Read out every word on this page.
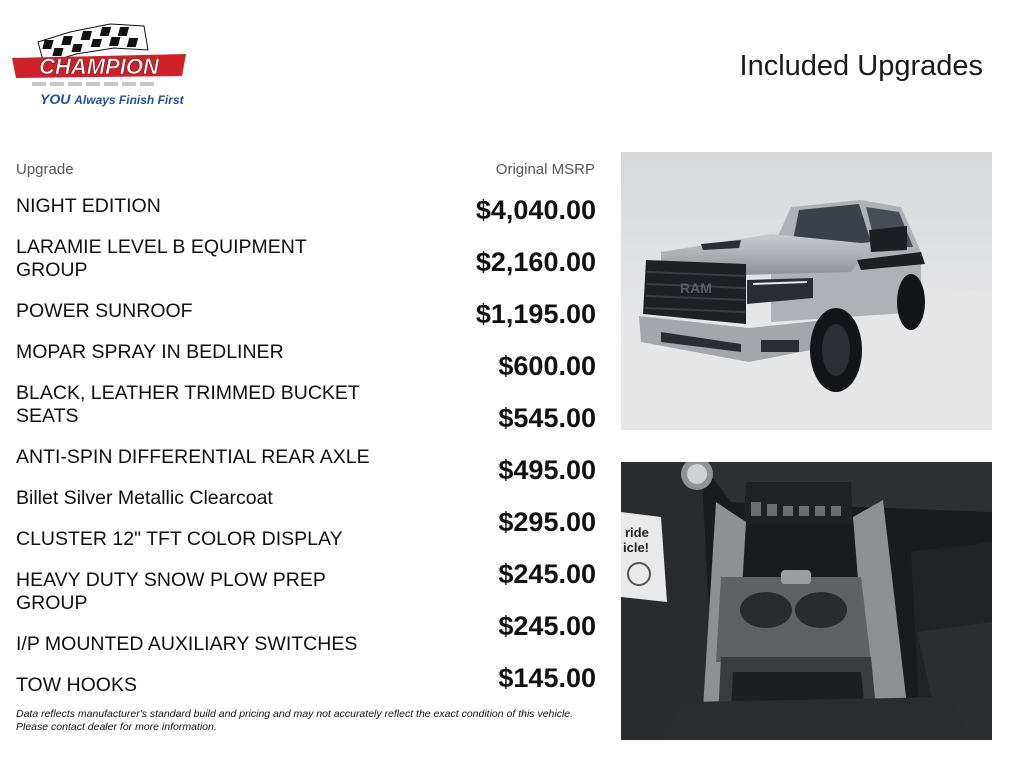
CHAMPION
YOU Always Finish First
Included Upgrades
Upgrade	Original MSRP
NIGHT EDITION
LARAMIE LEVEL B EQUIPMENT GROUP
POWER SUNROOF
MOPAR SPRAY IN BEDLINER
BLACK, LEATHER TRIMMED BUCKET SEATS
ANTI-SPIN DIFFERENTIAL REAR AXLE
Billet Silver Metallic Clearcoat
CLUSTER 12" TFT COLOR DISPLAY
HEAVY DUTY SNOW PLOW PREP GROUP
I/P MOUNTED AUXILIARY SWITCHES
TOW HOOKS
$4,040.00
$2,160.00
$1,195.00
$600.00
$545.00
$495.00
$295.00
$245.00
$245.00
$145.00
Data reflects manufacturer's standard build and pricing and may not accurately reflect the exact condition of this vehicle.
Please contact dealer for more information.
RAM
ride
icle!
